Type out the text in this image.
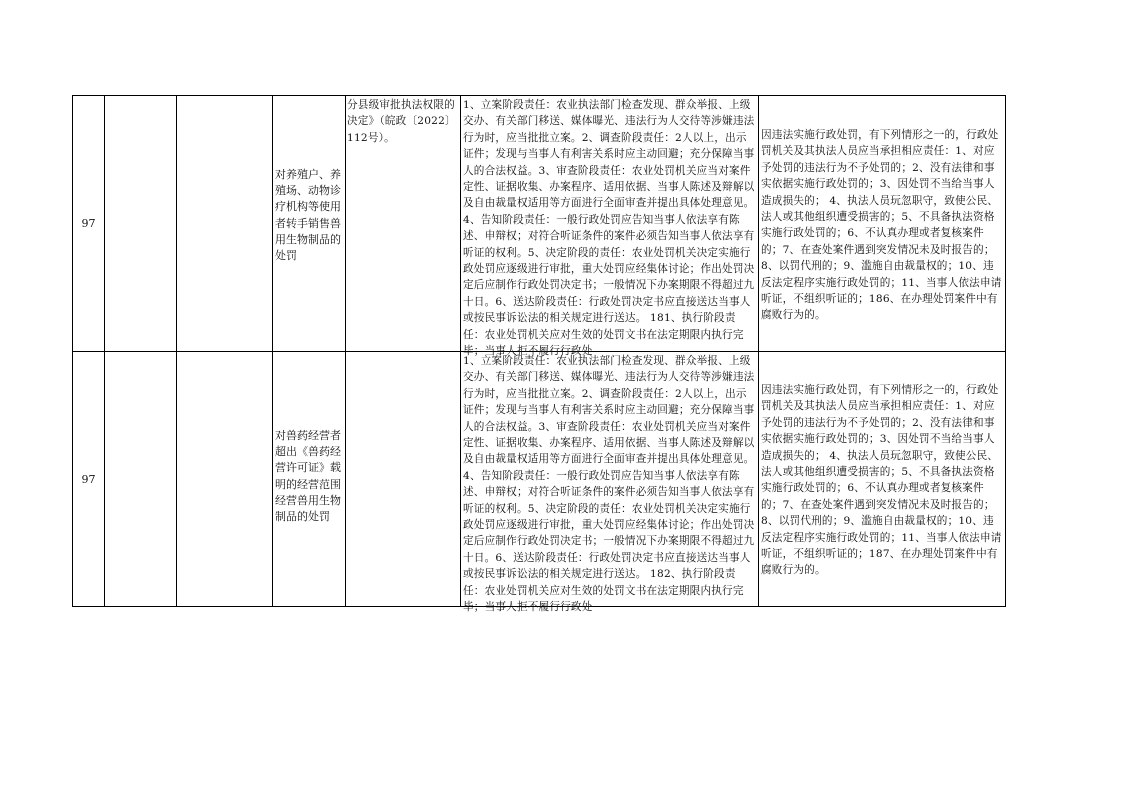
97
对养殖户、养殖场、动物诊疗机构等使用者转手销售兽用生物制品的处罚
分县级审批执法权限的决定》（皖政〔2022〕112号）。
1、立案阶段责任：农业执法部门检查发现、群众举报、上级交办、有关部门移送、媒体曝光、违法行为人交待等涉嫌违法行为时，应当批批立案。2、调查阶段责任：2人以上，出示证件；发现与当事人有利害关系时应主动回避；充分保障当事人的合法权益。3、审查阶段责任：农业处罚机关应当对案件定性、证据收集、办案程序、适用依据、当事人陈述及辩解以及自由裁量权适用等方面进行全面审查并提出具体处理意见。4、告知阶段责任：一般行政处罚应告知当事人依法享有陈述、申辩权；对符合听证条件的案件必须告知当事人依法享有听证的权利。5、决定阶段的责任：农业处罚机关决定实施行政处罚应逐级进行审批，重大处罚应经集体讨论；作出处罚决定后应制作行政处罚决定书；一般情况下办案期限不得超过九十日。6、送达阶段责任：行政处罚决定书应直接送达当事人或按民事诉讼法的相关规定进行送达。 181、执行阶段责任：农业处罚机关应对生效的处罚文书在法定期限内执行完毕；当事人拒不履行行政处
因违法实施行政处罚，有下列情形之一的，行政处罚机关及其执法人员应当承担相应责任：1、对应予处罚的违法行为不予处罚的；2、没有法律和事实依据实施行政处罚的；3、因处罚不当给当事人造成损失的； 4、执法人员玩忽职守，致使公民、法人或其他组织遭受损害的；5、不具备执法资格实施行政处罚的；6、不认真办理或者复核案件的；7、在查处案件遇到突发情况未及时报告的；8、以罚代刑的；9、滥施自由裁量权的；10、违反法定程序实施行政处罚的；11、当事人依法申请听证，不组织听证的；186、在办理处罚案件中有腐败行为的。
97
对兽药经营者超出《兽药经营许可证》载明的经营范围经营兽用生物制品的处罚
1、立案阶段责任：农业执法部门检查发现、群众举报、上级交办、有关部门移送、媒体曝光、违法行为人交待等涉嫌违法行为时，应当批批立案。2、调查阶段责任：2人以上，出示证件；发现与当事人有利害关系时应主动回避；充分保障当事人的合法权益。3、审查阶段责任：农业处罚机关应当对案件定性、证据收集、办案程序、适用依据、当事人陈述及辩解以及自由裁量权适用等方面进行全面审查并提出具体处理意见。4、告知阶段责任：一般行政处罚应告知当事人依法享有陈述、申辩权；对符合听证条件的案件必须告知当事人依法享有听证的权利。5、决定阶段的责任：农业处罚机关决定实施行政处罚应逐级进行审批，重大处罚应经集体讨论；作出处罚决定后应制作行政处罚决定书；一般情况下办案期限不得超过九十日。6、送达阶段责任：行政处罚决定书应直接送达当事人或按民事诉讼法的相关规定进行送达。 182、执行阶段责任：农业处罚机关应对生效的处罚文书在法定期限内执行完毕；当事人拒不履行行政处
因违法实施行政处罚，有下列情形之一的，行政处罚机关及其执法人员应当承担相应责任：1、对应予处罚的违法行为不予处罚的；2、没有法律和事实依据实施行政处罚的；3、因处罚不当给当事人造成损失的； 4、执法人员玩忽职守，致使公民、法人或其他组织遭受损害的；5、不具备执法资格实施行政处罚的；6、不认真办理或者复核案件的；7、在查处案件遇到突发情况未及时报告的；8、以罚代刑的；9、滥施自由裁量权的；10、违反法定程序实施行政处罚的；11、当事人依法申请听证，不组织听证的；187、在办理处罚案件中有腐败行为的。
